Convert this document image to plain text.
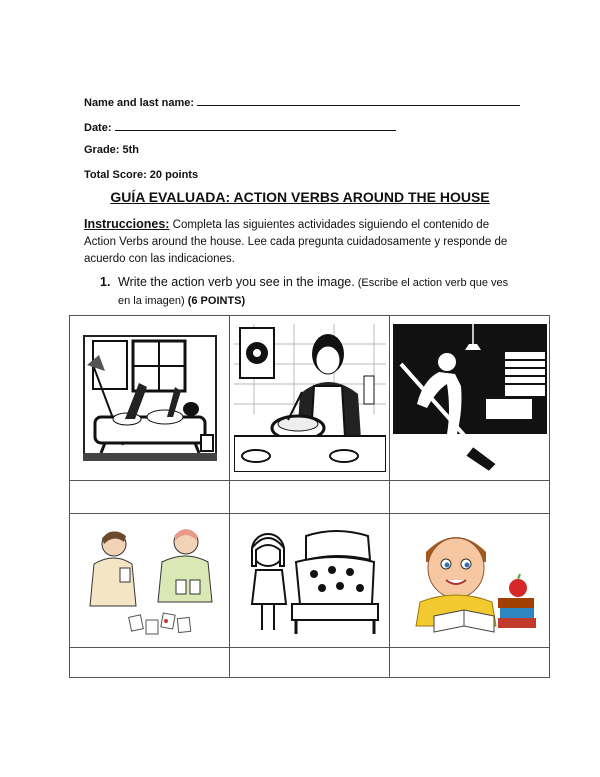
Name and last name:
Date:
Grade: 5th
Total Score: 20 points
GUÍA EVALUADA: ACTION VERBS AROUND THE HOUSE
Instrucciones: Completa las siguientes actividades siguiendo el contenido de Action Verbs around the house. Lee cada pregunta cuidadosamente y responde de acuerdo con las indicaciones.
1. Write the action verb you see in the image. (Escribe el action verb que ves en la imagen) (6 POINTS)
